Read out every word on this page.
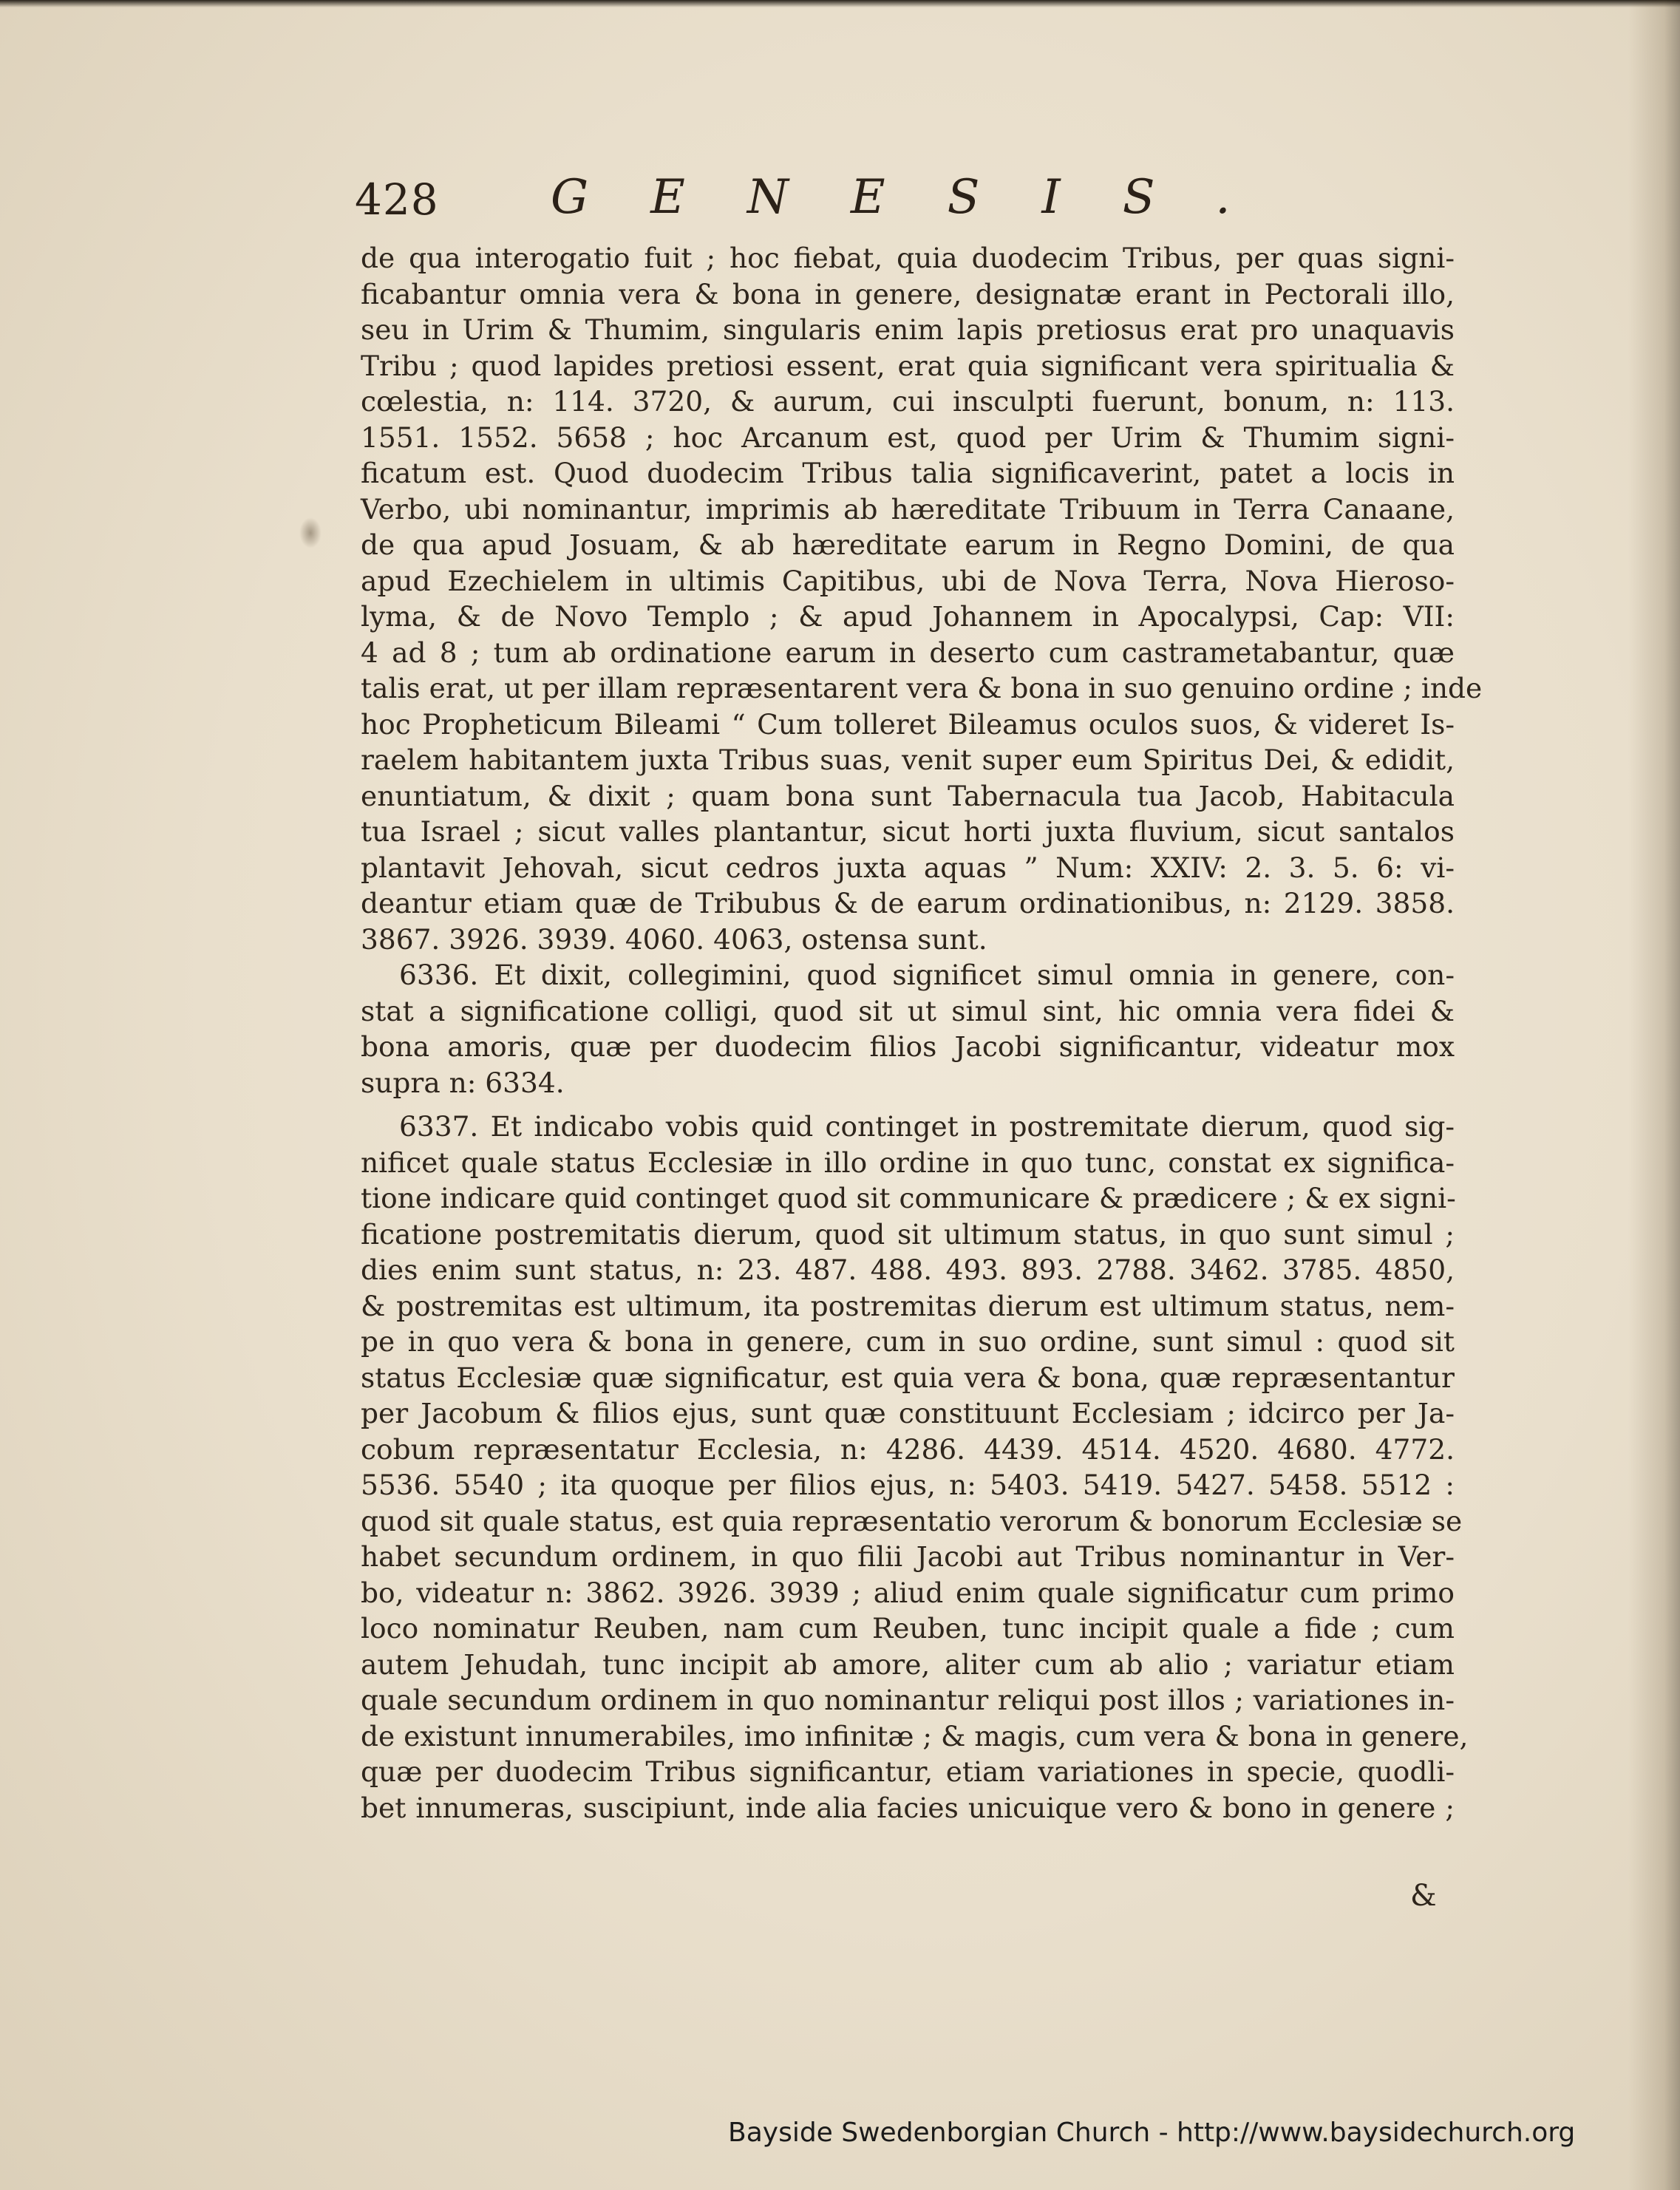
428 GENESIS.
de qua interogatio fuit ; hoc fiebat, quia duodecim Tribus, per quas signi-
ficabantur omnia vera & bona in genere, designatæ erant in Pectorali illo,
seu in Urim & Thumim, singularis enim lapis pretiosus erat pro unaquavis
Tribu ; quod lapides pretiosi essent, erat quia significant vera spiritualia &
cœlestia, n: 114. 3720, & aurum, cui insculpti fuerunt, bonum, n: 113.
1551. 1552. 5658 ; hoc Arcanum est, quod per Urim & Thumim signi-
ficatum est. Quod duodecim Tribus talia significaverint, patet a locis in
Verbo, ubi nominantur, imprimis ab hæreditate Tribuum in Terra Canaane,
de qua apud Josuam, & ab hæreditate earum in Regno Domini, de qua
apud Ezechielem in ultimis Capitibus, ubi de Nova Terra, Nova Hieroso-
lyma, & de Novo Templo ; & apud Johannem in Apocalypsi, Cap: VII:
4 ad 8 ; tum ab ordinatione earum in deserto cum castrametabantur, quæ
talis erat, ut per illam repræsentarent vera & bona in suo genuino ordine ; inde
hoc Propheticum Bileami “ Cum tolleret Bileamus oculos suos, & videret Is-
raelem habitantem juxta Tribus suas, venit super eum Spiritus Dei, & edidit,
enuntiatum, & dixit ; quam bona sunt Tabernacula tua Jacob, Habitacula
tua Israel ; sicut valles plantantur, sicut horti juxta fluvium, sicut santalos
plantavit Jehovah, sicut cedros juxta aquas ” Num: XXIV: 2. 3. 5. 6: vi-
deantur etiam quæ de Tribubus & de earum ordinationibus, n: 2129. 3858.
3867. 3926. 3939. 4060. 4063, ostensa sunt.
6336. Et dixit, collegimini, quod significet simul omnia in genere, con-
stat a significatione colligi, quod sit ut simul sint, hic omnia vera fidei &
bona amoris, quæ per duodecim filios Jacobi significantur, videatur mox
supra n: 6334.
6337. Et indicabo vobis quid continget in postremitate dierum, quod sig-
nificet quale status Ecclesiæ in illo ordine in quo tunc, constat ex significa-
tione indicare quid continget quod sit communicare & prædicere ; & ex signi-
ficatione postremitatis dierum, quod sit ultimum status, in quo sunt simul ;
dies enim sunt status, n: 23. 487. 488. 493. 893. 2788. 3462. 3785. 4850,
& postremitas est ultimum, ita postremitas dierum est ultimum status, nem-
pe in quo vera & bona in genere, cum in suo ordine, sunt simul : quod sit
status Ecclesiæ quæ significatur, est quia vera & bona, quæ repræsentantur
per Jacobum & filios ejus, sunt quæ constituunt Ecclesiam ; idcirco per Ja-
cobum repræsentatur Ecclesia, n: 4286. 4439. 4514. 4520. 4680. 4772.
5536. 5540 ; ita quoque per filios ejus, n: 5403. 5419. 5427. 5458. 5512 :
quod sit quale status, est quia repræsentatio verorum & bonorum Ecclesiæ se
habet secundum ordinem, in quo filii Jacobi aut Tribus nominantur in Ver-
bo, videatur n: 3862. 3926. 3939 ; aliud enim quale significatur cum primo
loco nominatur Reuben, nam cum Reuben, tunc incipit quale a fide ; cum
autem Jehudah, tunc incipit ab amore, aliter cum ab alio ; variatur etiam
quale secundum ordinem in quo nominantur reliqui post illos ; variationes in-
de existunt innumerabiles, imo infinitæ ; & magis, cum vera & bona in genere,
quæ per duodecim Tribus significantur, etiam variationes in specie, quodli-
bet innumeras, suscipiunt, inde alia facies unicuique vero & bono in genere ;
&
Bayside Swedenborgian Church - http://www.baysidechurch.org
